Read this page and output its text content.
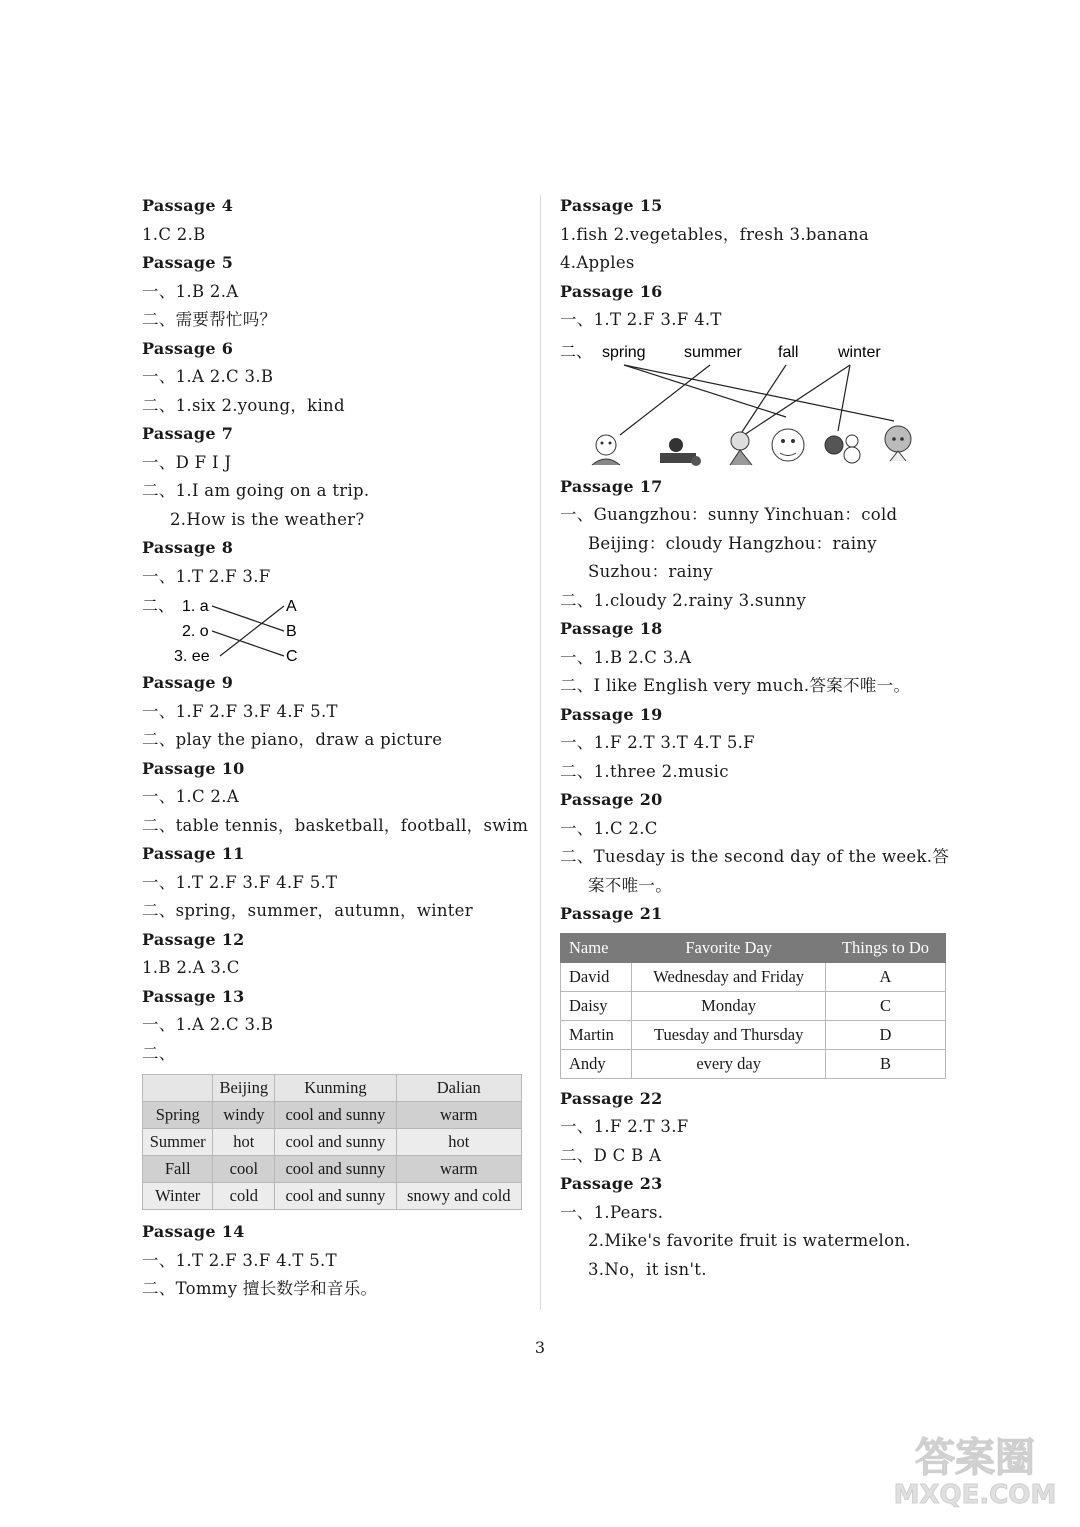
Passage 4
1.C 2.B
Passage 5
一、1.B 2.A
二、需要帮忙吗？
Passage 6
一、1.A 2.C 3.B
二、1.six 2.young，kind
Passage 7
一、D F I J
二、1.I am going on a trip.
2.How is the weather?
Passage 8
一、1.T 2.F 3.F
二、 1. a
2. o
3. ee
A
B
C
Passage 9
一、1.F 2.F 3.F 4.F 5.T
二、play the piano，draw a picture
Passage 10
一、1.C 2.A
二、table tennis，basketball，football，swim
Passage 11
一、1.T 2.F 3.F 4.F 5.T
二、spring，summer，autumn，winter
Passage 12
1.B 2.A 3.C
Passage 13
一、1.A 2.C 3.B
二、
	Beijing	Kunming	Dalian
Spring	windy	cool and sunny	warm
Summer	hot	cool and sunny	hot
Fall	cool	cool and sunny	warm
Winter	cold	cool and sunny	snowy and cold
Passage 14
一、1.T 2.F 3.F 4.T 5.T
二、Tommy 擅长数学和音乐。
Passage 15
1.fish 2.vegetables，fresh 3.banana
4.Apples
Passage 16
一、1.T 2.F 3.F 4.T
二、 spring summer fall winter
Passage 17
一、Guangzhou：sunny Yinchuan：cold
Beijing：cloudy Hangzhou：rainy
Suzhou：rainy
二、1.cloudy 2.rainy 3.sunny
Passage 18
一、1.B 2.C 3.A
二、I like English very much.答案不唯一。
Passage 19
一、1.F 2.T 3.T 4.T 5.F
二、1.three 2.music
Passage 20
一、1.C 2.C
二、Tuesday is the second day of the week.答
案不唯一。
Passage 21
Name	Favorite Day	Things to Do
David	Wednesday and Friday	A
Daisy	Monday	C
Martin	Tuesday and Thursday	D
Andy	every day	B
Passage 22
一、1.F 2.T 3.F
二、D C B A
Passage 23
一、1.Pears.
2.Mike's favorite fruit is watermelon.
3.No，it isn't.
3
答案圈
MXQE.COM
